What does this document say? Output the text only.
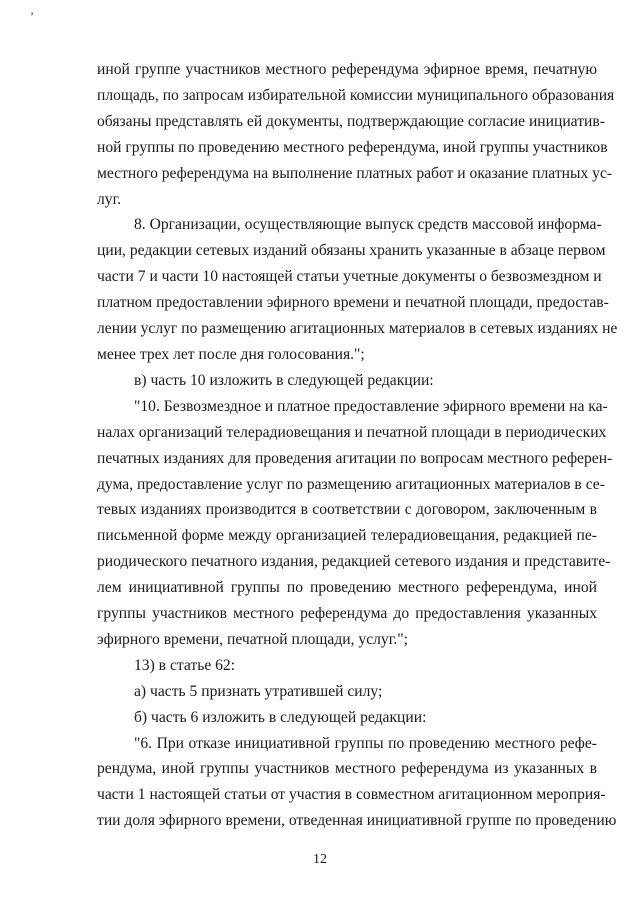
’

иной группе участников местного референдума эфирное время, печатную
площадь, по запросам избирательной комиссии муниципального образования
обязаны представлять ей документы, подтверждающие согласие инициатив-
ной группы по проведению местного референдума, иной группы участников
местного референдума на выполнение платных работ и оказание платных ус-
луг.

8. Организации, осуществляющие выпуск средств массовой информа-
ции, редакции сетевых изданий обязаны хранить указанные в абзаце первом
части 7 и части 10 настоящей статьи учетные документы о безвозмездном и
платном предоставлении эфирного времени и печатной площади, предостав-
лении услуг по размещению агитационных материалов в сетевых изданиях не
менее трех лет после дня голосования.";

в) часть 10 изложить в следующей редакции:

"10. Безвозмездное и платное предоставление эфирного времени на ка-
налах организаций телерадиовещания и печатной площади в периодических
печатных изданиях для проведения агитации по вопросам местного референ-
дума, предоставление услуг по размещению агитационных материалов в се-
тевых изданиях производится в соответствии с договором, заключенным в
письменной форме между организацией телерадиовещания, редакцией пе-
риодического печатного издания, редакцией сетевого издания и представите-
лем инициативной группы по проведению местного референдума, иной
группы участников местного референдума до предоставления указанных
эфирного времени, печатной площади, услуг.";

13) в статье 62:

а) часть 5 признать утратившей силу;

б) часть 6 изложить в следующей редакции:

"6. При отказе инициативной группы по проведению местного рефе-
рендума, иной группы участников местного референдума из указанных в
части 1 настоящей статьи от участия в совместном агитационном мероприя-
тии доля эфирного времени, отведенная инициативной группе по проведению

12
